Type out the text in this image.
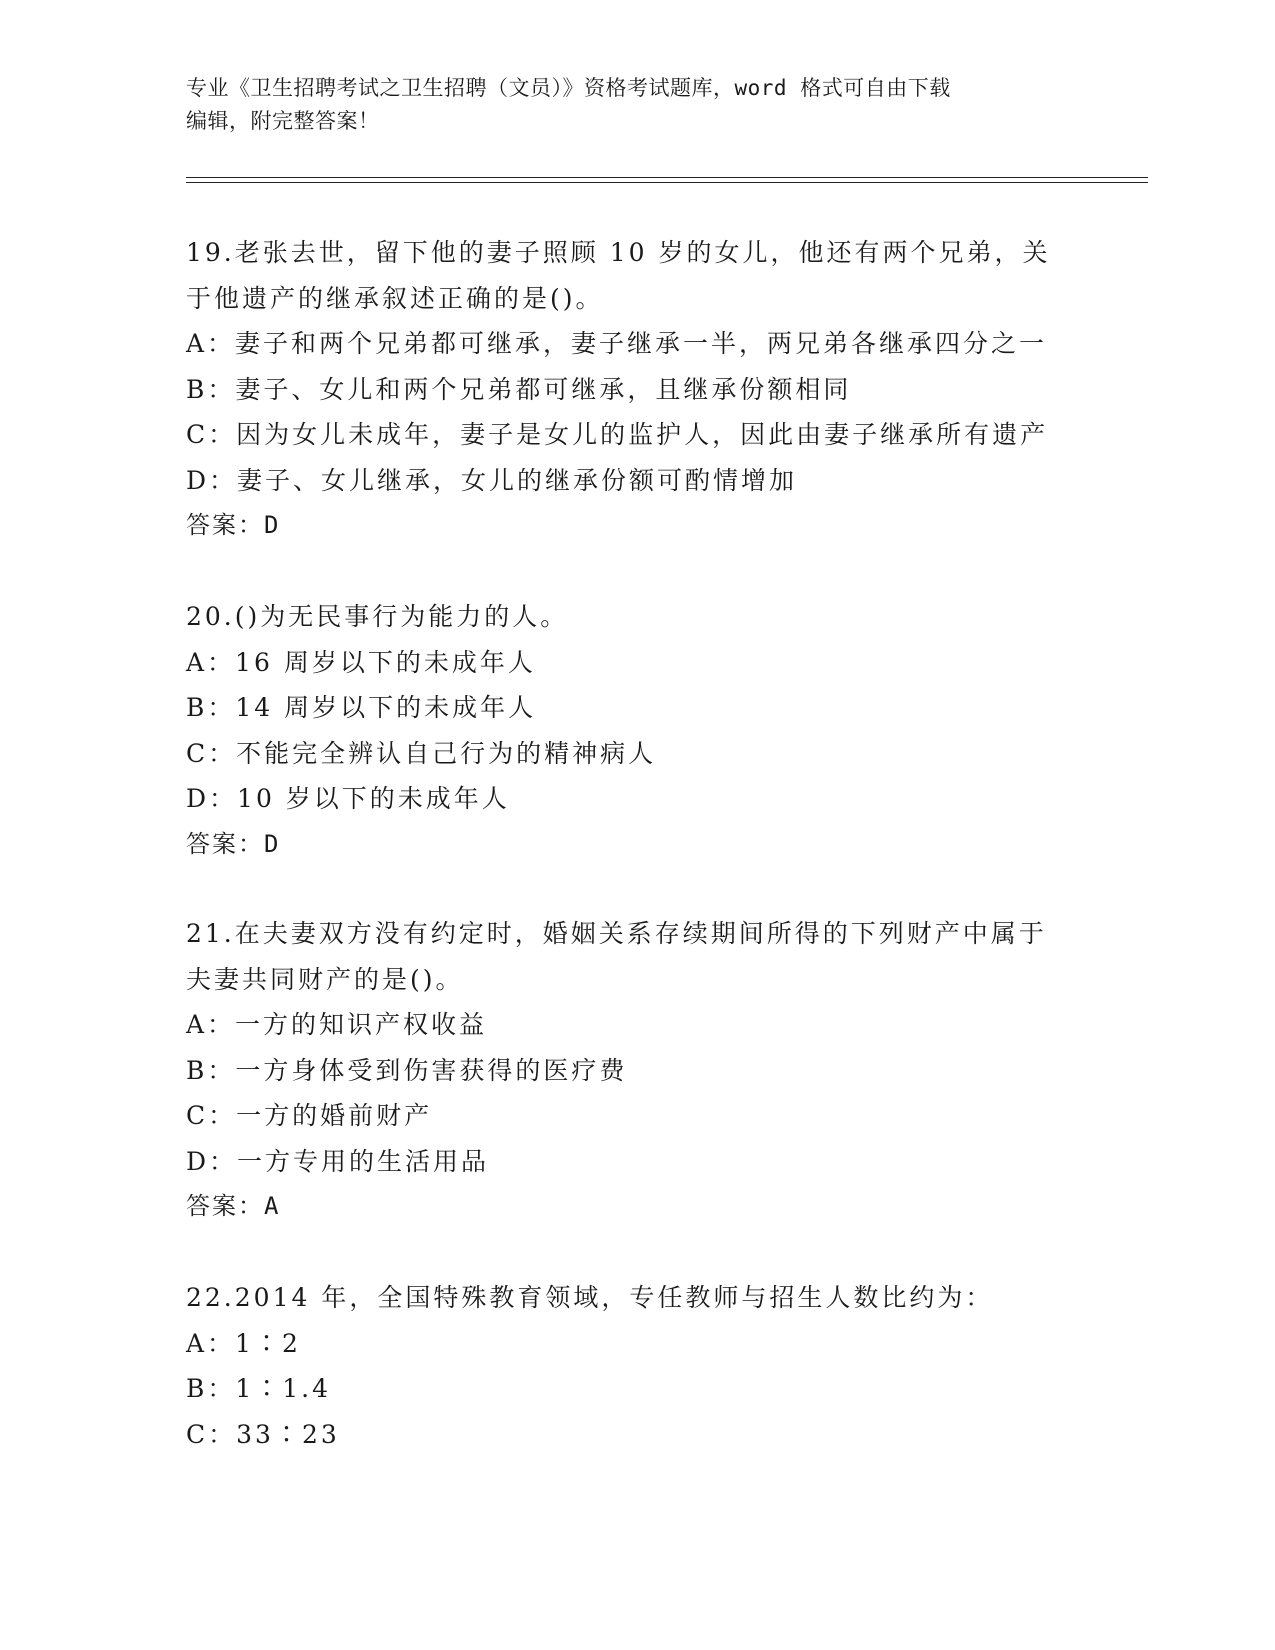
专业《卫生招聘考试之卫生招聘（文员）》资格考试题库，word 格式可自由下载
编辑，附完整答案！
19.老张去世，留下他的妻子照顾 10 岁的女儿，他还有两个兄弟，关
于他遗产的继承叙述正确的是()。
A：妻子和两个兄弟都可继承，妻子继承一半，两兄弟各继承四分之一
B：妻子、女儿和两个兄弟都可继承，且继承份额相同
C：因为女儿未成年，妻子是女儿的监护人，因此由妻子继承所有遗产
D：妻子、女儿继承，女儿的继承份额可酌情增加
答案：D
20.()为无民事行为能力的人。
A：16 周岁以下的未成年人
B：14 周岁以下的未成年人
C：不能完全辨认自己行为的精神病人
D：10 岁以下的未成年人
答案：D
21.在夫妻双方没有约定时，婚姻关系存续期间所得的下列财产中属于
夫妻共同财产的是()。
A：一方的知识产权收益
B：一方身体受到伤害获得的医疗费
C：一方的婚前财产
D：一方专用的生活用品
答案：A
22.2014 年，全国特殊教育领域，专任教师与招生人数比约为：
A：1∶2
B：1∶1.4
C：33∶23
